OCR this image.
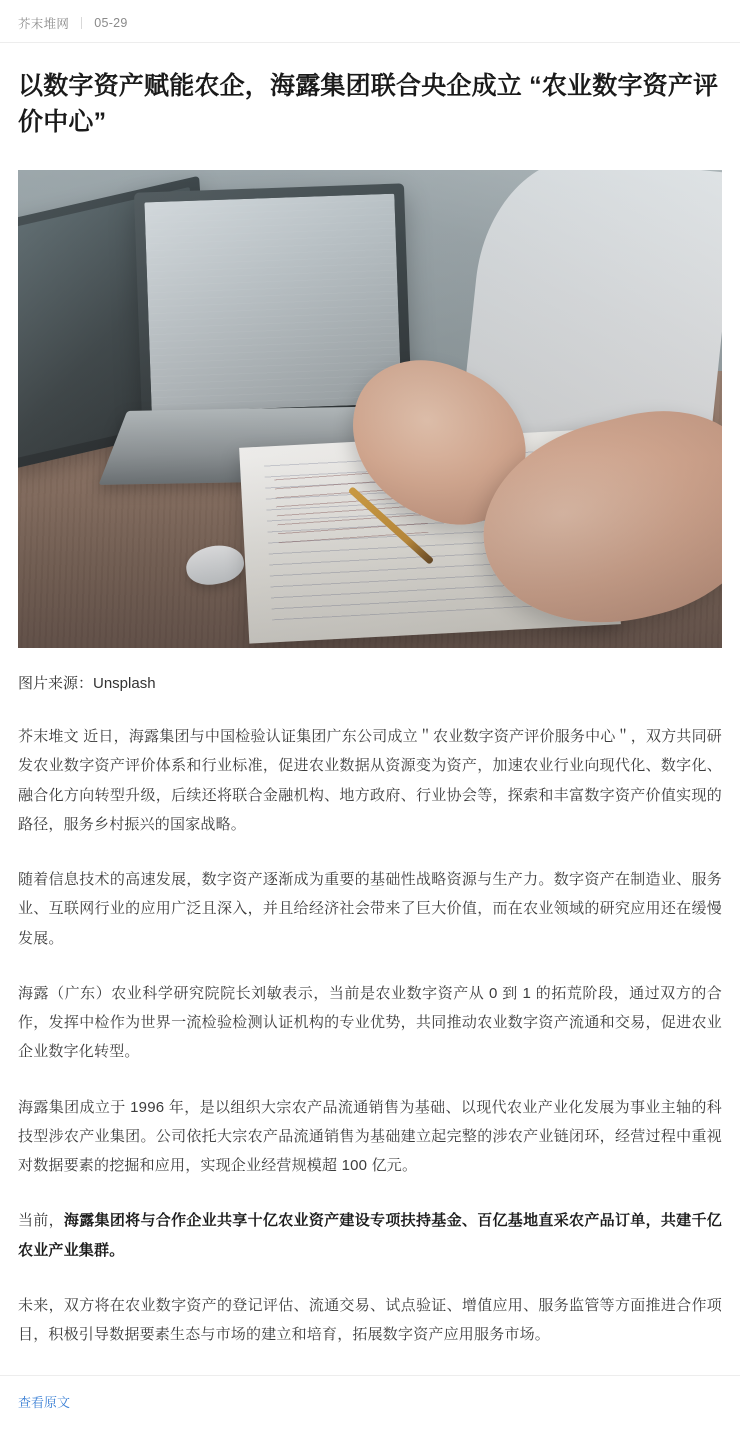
芥末堆网 05-29
以数字资产赋能农企，海露集团联合央企成立 “农业数字资产评价中心”
图片来源：Unsplash

芥末堆文 近日，海露集团与中国检验认证集团广东公司成立＂农业数字资产评价服务中心＂，双方共同研发农业数字资产评价体系和行业标准，促进农业数据从资源变为资产，加速农业行业向现代化、数字化、融合化方向转型升级，后续还将联合金融机构、地方政府、行业协会等，探索和丰富数字资产价值实现的路径，服务乡村振兴的国家战略。

随着信息技术的高速发展，数字资产逐渐成为重要的基础性战略资源与生产力。数字资产在制造业、服务业、互联网行业的应用广泛且深入，并且给经济社会带来了巨大价值，而在农业领域的研究应用还在缓慢发展。

海露（广东）农业科学研究院院长刘敏表示，当前是农业数字资产从 0 到 1 的拓荒阶段，通过双方的合作，发挥中检作为世界一流检验检测认证机构的专业优势，共同推动农业数字资产流通和交易，促进农业企业数字化转型。

海露集团成立于 1996 年，是以组织大宗农产品流通销售为基础、以现代农业产业化发展为事业主轴的科技型涉农产业集团。公司依托大宗农产品流通销售为基础建立起完整的涉农产业链闭环，经营过程中重视对数据要素的挖掘和应用，实现企业经营规模超 100 亿元。

当前，海露集团将与合作企业共享十亿农业资产建设专项扶持基金、百亿基地直采农产品订单，共建千亿农业产业集群。

未来，双方将在农业数字资产的登记评估、流通交易、试点验证、增值应用、服务监管等方面推进合作项目，积极引导数据要素生态与市场的建立和培育，拓展数字资产应用服务市场。

查看原文
